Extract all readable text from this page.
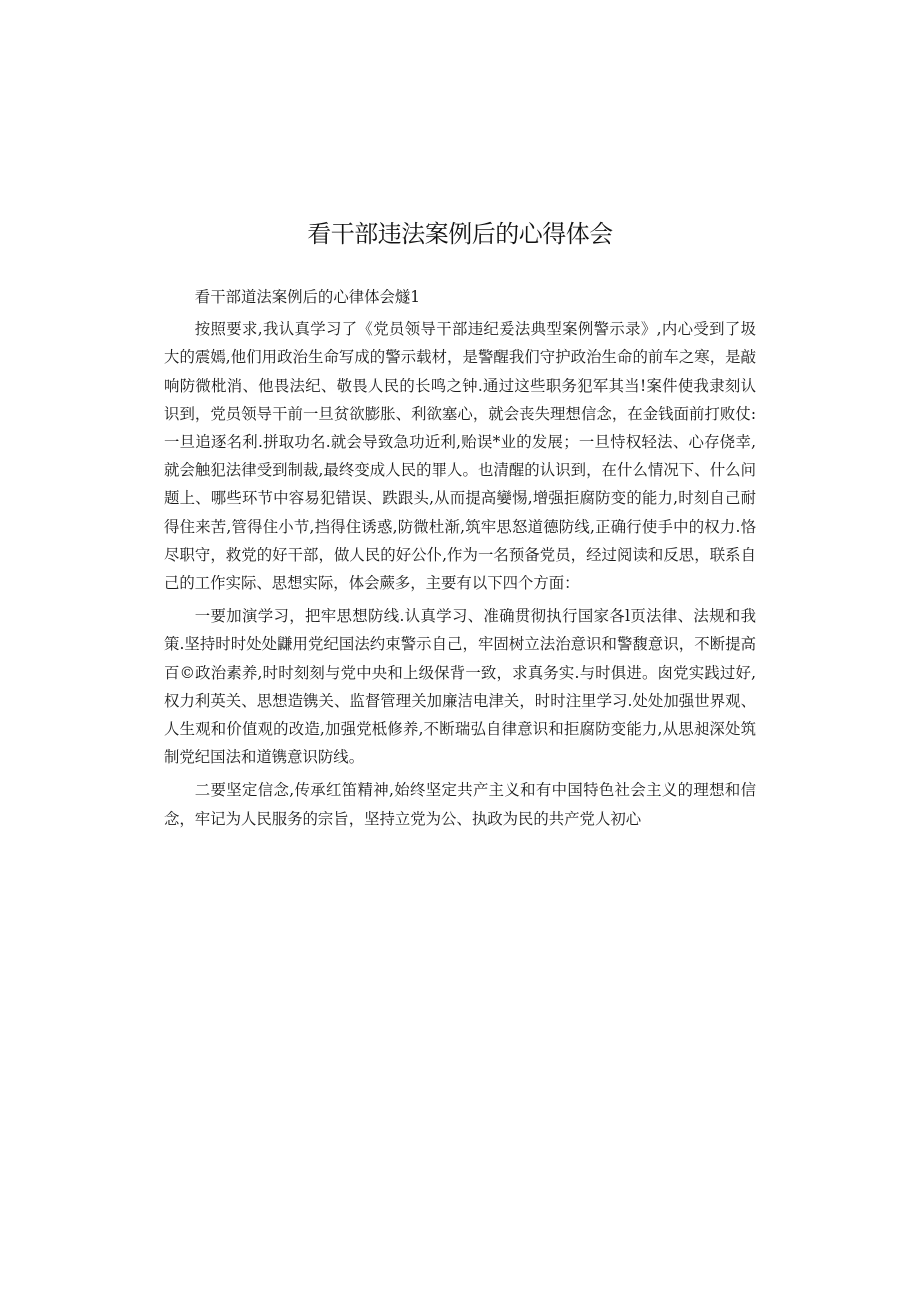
看干部违法案例后的心得体会

看干部道法案例后的心律体会燧1

按照要求,我认真学习了《党员领导干部违纪爰法典型案例警示录》,内心受到了圾大的震嫣,他们用政治生命写成的警示载材，是警醒我们守护政治生命的前车之寒，是敲响防微枇消、他畏法纪、敬畏人民的长鸣之钟.通过这些职务犯军其当!案件使我隶刻认识到，党员领导干前一旦贫欲膨胀、利欲塞心，就会丧失理想信念，在金钱面前打败仗:一旦追逐名利.拼取功名.就会导致急功近利,贻误*业的发展；一旦恃权轻法、心存侥幸,就会触犯法律受到制裁,最终变成人民的罪人。也清醒的认识到，在什么情况下、什么问题上、哪些环节中容易犯错误、跌跟头,从而提高孌惕,增强拒腐防变的能力,时刻自己耐得住来苦,管得住小节,挡得住诱惑,防微杜渐,筑牢思怒道德防线,正确行使手中的权力.恪尽职守，救党的好干部，做人民的好公仆,作为一名预备党员，经过阅读和反思，联系自己的工作实际、思想实际，体会蕨多，主要有以下四个方面：

一要加演学习，把牢思想防线.认真学习、准确贯彻执行国家各l页法律、法规和我策.坚持时时处处鼸用党纪国法约束警示自己，牢固树立法治意识和警馥意识，不断提高百©政治素养,时时刻刻与党中央和上级保背一致，求真务实.与时俱进。囱党实践过好,权力利英关、思想造镌关、监督管理关加廉洁电津关，时时注里学习.处处加强世界观、人生观和价值观的改造,加强党柢修养,不断瑞弘自律意识和拒腐防变能力,从思昶深处筑制党纪国法和道镌意识防线。

二要坚定信念,传承红笛精神,始终坚定共产主义和有中国特色社会主义的理想和信念，牢记为人民服务的宗旨，坚持立党为公、执政为民的共产党人初心
